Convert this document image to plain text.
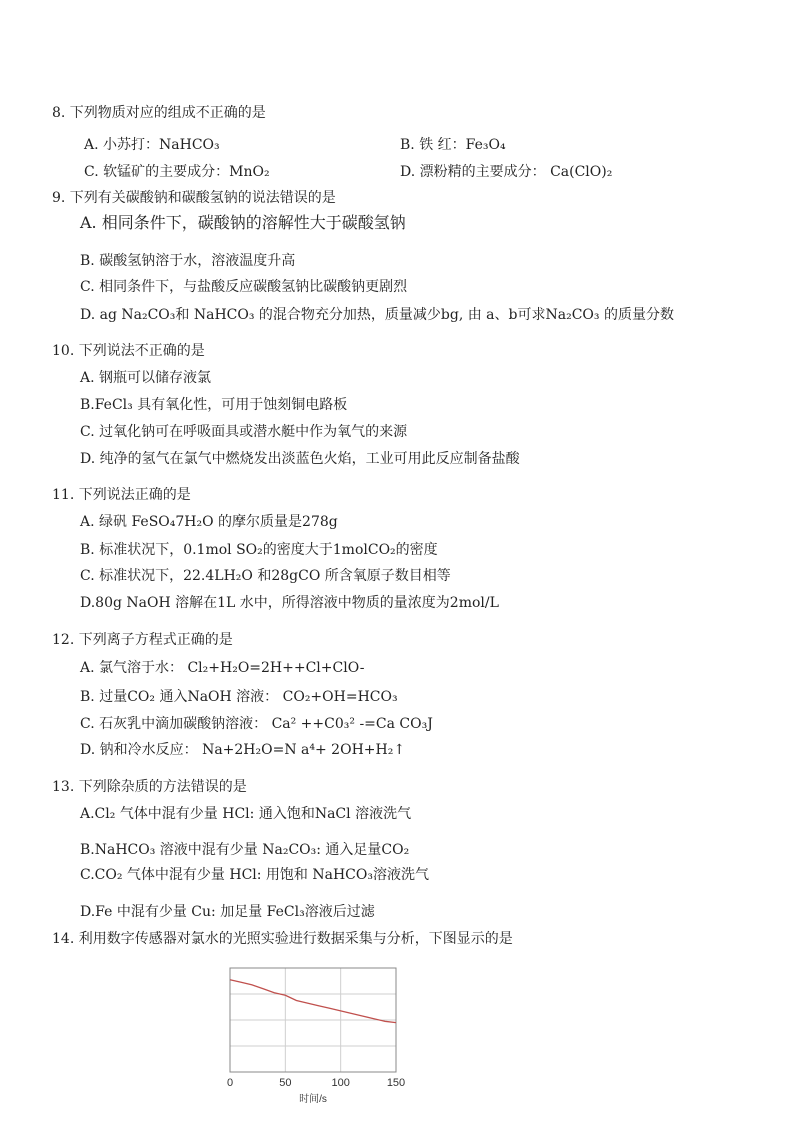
8. 下列物质对应的组成不正确的是
A. 小苏打：NaHCO₃	B. 铁 红：Fe₃O₄
C. 软锰矿的主要成分：MnO₂	D. 漂粉精的主要成分： Ca(ClO)₂
9. 下列有关碳酸钠和碳酸氢钠的说法错误的是
A. 相同条件下，碳酸钠的溶解性大于碳酸氢钠
B. 碳酸氢钠溶于水，溶液温度升高
C. 相同条件下，与盐酸反应碳酸氢钠比碳酸钠更剧烈
D. ag Na₂CO₃和 NaHCO₃ 的混合物充分加热，质量减少bg, 由 a、b可求Na₂CO₃ 的质量分数
10. 下列说法不正确的是
A. 钢瓶可以储存液氯
B.FeCl₃ 具有氧化性，可用于蚀刻铜电路板
C. 过氧化钠可在呼吸面具或潜水艇中作为氧气的来源
D. 纯净的氢气在氯气中燃烧发出淡蓝色火焰，工业可用此反应制备盐酸
11. 下列说法正确的是
A. 绿矾 FeSO₄7H₂O 的摩尔质量是278g
B. 标准状况下，0.1mol SO₂的密度大于1molCO₂的密度
C. 标准状况下，22.4LH₂O 和28gCO 所含氧原子数目相等
D.80g NaOH 溶解在1L 水中，所得溶液中物质的量浓度为2mol/L
12. 下列离子方程式正确的是
A. 氯气溶于水： Cl₂+H₂O=2H++Cl+ClO-
B. 过量CO₂ 通入NaOH 溶液： CO₂+OH=HCO₃
C. 石灰乳中滴加碳酸钠溶液： Ca² ++C0₃² -=Ca CO₃J
D. 钠和冷水反应： Na+2H₂O=N a⁴+ 2OH+H₂↑
13. 下列除杂质的方法错误的是
A.Cl₂ 气体中混有少量 HCl: 通入饱和NaCl 溶液洗气
B.NaHCO₃ 溶液中混有少量 Na₂CO₃: 通入足量CO₂
C.CO₂ 气体中混有少量 HCl: 用饱和 NaHCO₃溶液洗气
D.Fe 中混有少量 Cu: 加足量 FeCl₃溶液后过滤
14. 利用数字传感器对氯水的光照实验进行数据采集与分析，下图显示的是
0	50	100	150
时间/s
